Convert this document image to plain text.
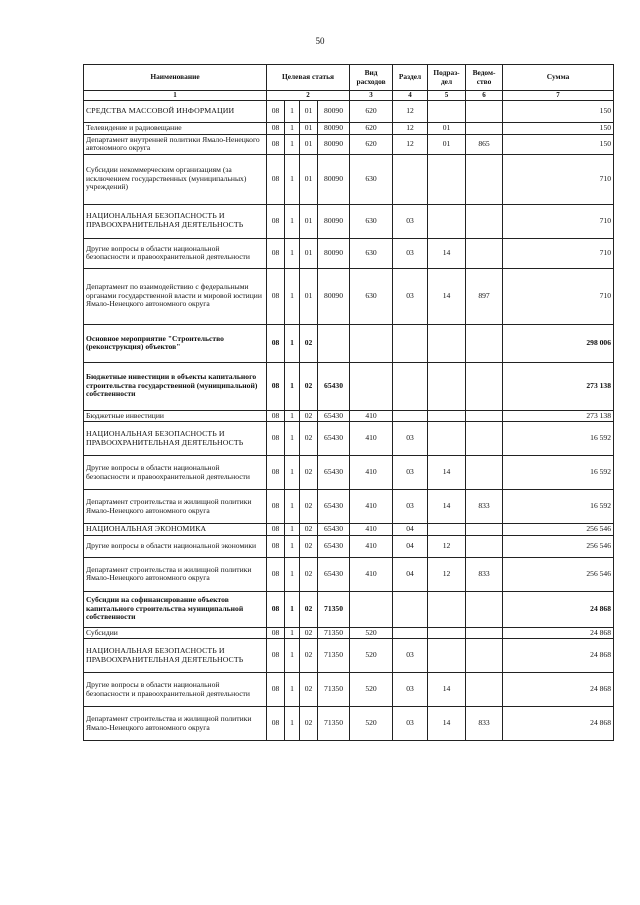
50
Наименование	Целевая статья				Вид расходов	Раздел	Подраз-дел	Ведом-ство	Сумма
1	2				3	4	5	6	7
СРЕДСТВА МАССОВОЙ ИНФОРМАЦИИ	08	1	01	80090	620	12			150
Телевидение и радиовещание	08	1	01	80090	620	12	01		150
Департамент внутренней политики Ямало-Ненецкого автономного округа	08	1	01	80090	620	12	01	865	150
Субсидии некоммерческим организациям (за исключением государственных (муниципальных) учреждений)	08	1	01	80090	630				710
НАЦИОНАЛЬНАЯ БЕЗОПАСНОСТЬ И ПРАВООХРАНИТЕЛЬНАЯ ДЕЯТЕЛЬНОСТЬ	08	1	01	80090	630	03			710
Другие вопросы в области национальной безопасности и правоохранительной деятельности	08	1	01	80090	630	03	14		710
Департамент по взаимодействию с федеральными органами государственной власти и мировой юстиции Ямало-Ненецкого автономного округа	08	1	01	80090	630	03	14	897	710
Основное мероприятие "Строительство (реконструкция) объектов"	08	1	02						298 006
Бюджетные инвестиции в объекты капитального строительства государственной (муниципальной) собственности	08	1	02	65430					273 138
Бюджетные инвестиции	08	1	02	65430	410				273 138
НАЦИОНАЛЬНАЯ БЕЗОПАСНОСТЬ И ПРАВООХРАНИТЕЛЬНАЯ ДЕЯТЕЛЬНОСТЬ	08	1	02	65430	410	03			16 592
Другие вопросы в области национальной безопасности и правоохранительной деятельности	08	1	02	65430	410	03	14		16 592
Департамент строительства и жилищной политики Ямало-Ненецкого автономного округа	08	1	02	65430	410	03	14	833	16 592
НАЦИОНАЛЬНАЯ ЭКОНОМИКА	08	1	02	65430	410	04			256 546
Другие вопросы в области национальной экономики	08	1	02	65430	410	04	12		256 546
Департамент строительства и жилищной политики Ямало-Ненецкого автономного округа	08	1	02	65430	410	04	12	833	256 546
Субсидии на софинансирование объектов капитального строительства муниципальной собственности	08	1	02	71350					24 868
Субсидии	08	1	02	71350	520				24 868
НАЦИОНАЛЬНАЯ БЕЗОПАСНОСТЬ И ПРАВООХРАНИТЕЛЬНАЯ ДЕЯТЕЛЬНОСТЬ	08	1	02	71350	520	03			24 868
Другие вопросы в области национальной безопасности и правоохранительной деятельности	08	1	02	71350	520	03	14		24 868
Департамент строительства и жилищной политики Ямало-Ненецкого автономного округа	08	1	02	71350	520	03	14	833	24 868
